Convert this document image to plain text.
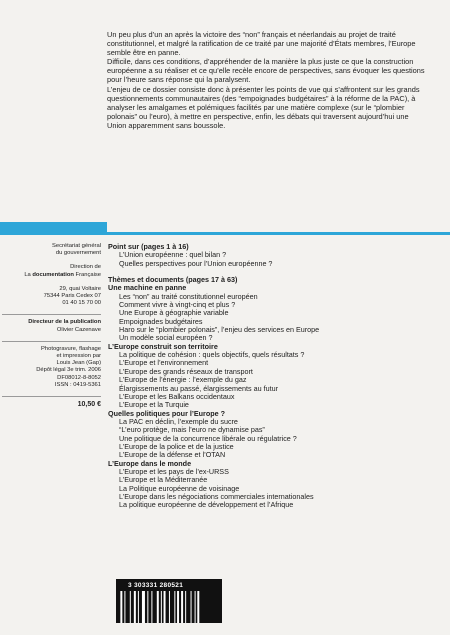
Un peu plus d’un an après la victoire des “non” français et néerlandais au projet de traité constitutionnel, et malgré la ratification de ce traité par une majorité d’États membres, l’Europe semble être en panne.

Difficile, dans ces conditions, d’appréhender de la manière la plus juste ce que la construction européenne a su réaliser et ce qu’elle recèle encore de perspectives, sans évoquer les questions pour l’heure sans réponse qui la paralysent.

L’enjeu de ce dossier consiste donc à présenter les points de vue qui s’affrontent sur les grands questionnements communautaires (des “empoignades budgétaires” à la réforme de la PAC), à analyser les amalgames et polémiques facilités par une matière complexe (sur le “plombier polonais” ou l’euro), à mettre en perspective, enfin, les débats qui traversent aujourd’hui une Union apparemment sans boussole.

Secrétariat général
du gouvernement
Direction de
La documentation Française
29, quai Voltaire
75344 Paris Cedex 07
01 40 15 70 00
Directeur de la publication
Olivier Cazenave
Photogravure, flashage
et impression par
Louis Jean (Gap)
Dépôt légal 3e trim. 2006
DF08012-8-8052
ISSN : 0419-5361
10,50 €
Point sur (pages 1 à 16)
L’Union européenne : quel bilan ?
Quelles perspectives pour l’Union européenne ?
Thèmes et documents (pages 17 à 63)
Une machine en panne
Les “non” au traité constitutionnel européen
Comment vivre à vingt-cinq et plus ?
Une Europe à géographie variable
Empoignades budgétaires
Haro sur le “plombier polonais”, l’enjeu des services en Europe
Un modèle social européen ?
L’Europe construit son territoire
La politique de cohésion : quels objectifs, quels résultats ?
L’Europe et l’environnement
L’Europe des grands réseaux de transport
L’Europe de l’énergie : l’exemple du gaz
Élargissements au passé, élargissements au futur
L’Europe et les Balkans occidentaux
L’Europe et la Turquie
Quelles politiques pour l’Europe ?
La PAC en déclin, l’exemple du sucre
“L’euro protège, mais l’euro ne dynamise pas”
Une politique de la concurrence libérale ou régulatrice ?
L’Europe de la police et de la justice
L’Europe de la défense et l’OTAN
L’Europe dans le monde
L’Europe et les pays de l’ex-URSS
L’Europe et la Méditerranée
La Politique européenne de voisinage
L’Europe dans les négociations commerciales internationales
La politique européenne de développement et l’Afrique
3 303331 280521
